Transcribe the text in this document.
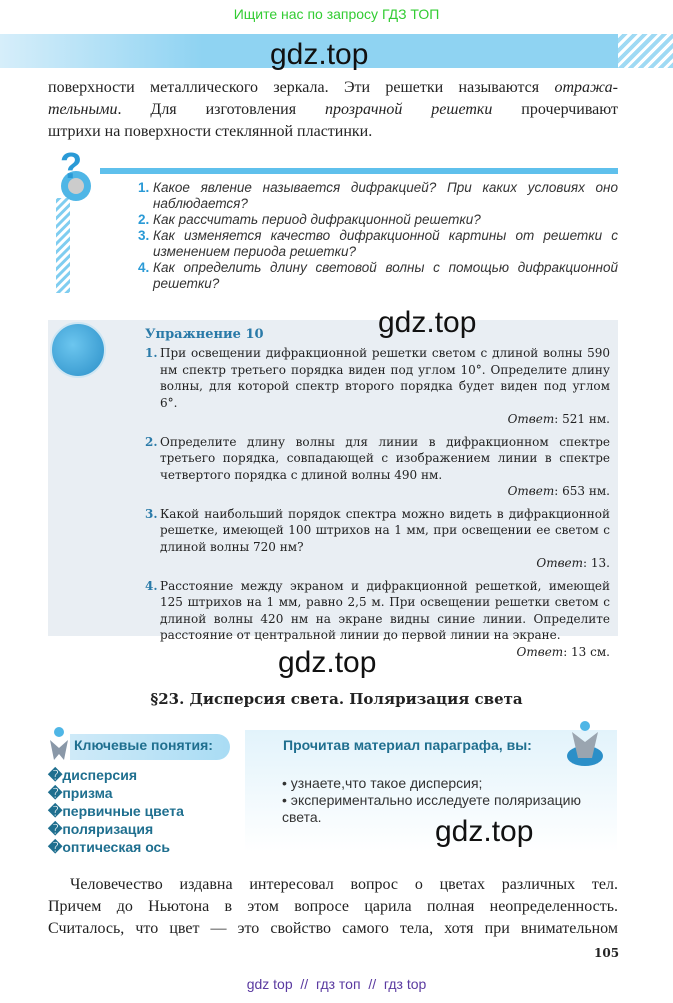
Ищите нас по запросу ГДЗ ТОП
gdz.top
поверхности металлического зеркала. Эти решетки называются отража-
тельными. Для изготовления прозрачной решетки прочерчивают
штрихи на поверхности стеклянной пластинки.
?
1. Какое явление называется дифракцией? При каких условиях оно наблюдается?
2. Как рассчитать период дифракционной решетки?
3. Как изменяется качество дифракционной картины от решетки с изменением периода решетки?
4. Как определить длину световой волны с помощью дифракционной решетки?
Упражнение 10	gdz.top
1. При освещении дифракционной решетки светом с длиной волны 590 нм спектр третьего порядка виден под углом 10°. Определите длину волны, для которой спектр второго порядка будет виден под углом 6°.
Ответ: 521 нм.
2. Определите длину волны для линии в дифракционном спектре третьего порядка, совпадающей с изображением линии в спектре четвертого порядка с длиной волны 490 нм.
Ответ: 653 нм.
3. Какой наибольший порядок спектра можно видеть в дифракционной решетке, имеющей 100 штрихов на 1 мм, при освещении ее светом с длиной волны 720 нм?
Ответ: 13.
4. Расстояние между экраном и дифракционной решеткой, имеющей 125 штрихов на 1 мм, равно 2,5 м. При освещении решетки светом с длиной волны 420 нм на экране видны синие линии. Определите расстояние от центральной линии до первой линии на экране.
Ответ: 13 см.
gdz.top
§23. Дисперсия света. Поляризация света
Ключевые понятия:
�дисперсия
�призма
�первичные цвета
�поляризация
�оптическая ось
Прочитав материал параграфа, вы:
• узнаете,что такое дисперсия;
• экспериментально исследуете поляризацию света.	gdz.top
Человечество издавна интересовал вопрос о цветах различных тел.
Причем до Ньютона в этом вопросе царила полная неопределенность.
Считалось, что цвет — это свойство самого тела, хотя при внимательном
105
gdz top  //  гдз топ  //  гдз top
